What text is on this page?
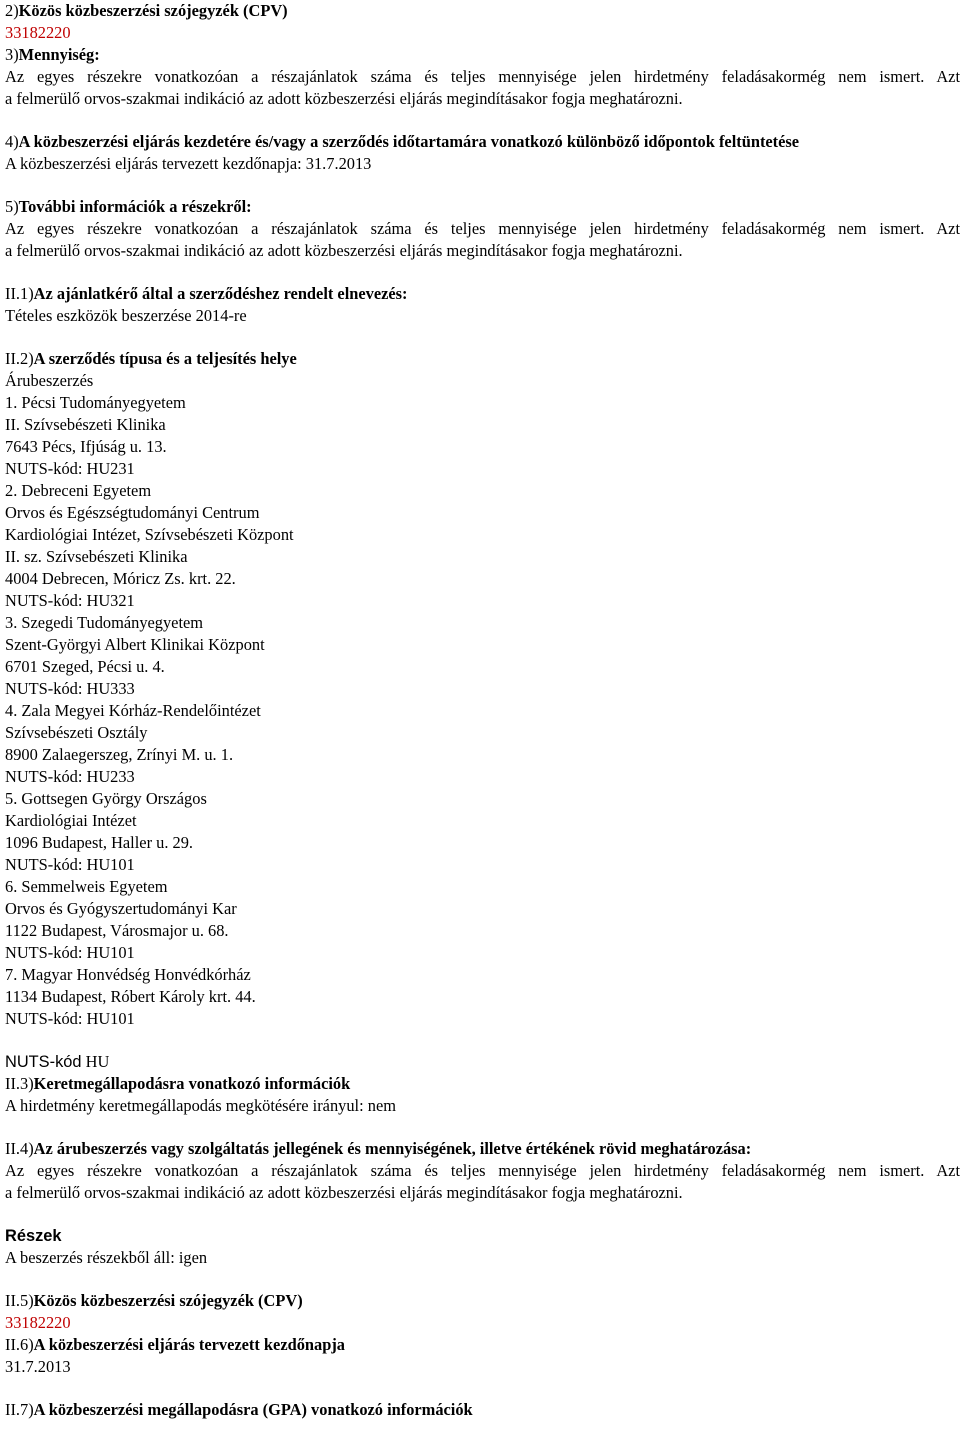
2)Közös közbeszerzési szójegyzék (CPV)
33182220
3)Mennyiség:
Az egyes részekre vonatkozóan a részajánlatok száma és teljes mennyisége jelen hirdetmény feladásakormég nem ismert. Azt
a felmerülő orvos-szakmai indikáció az adott közbeszerzési eljárás megindításakor fogja meghatározni.
4)A közbeszerzési eljárás kezdetére és/vagy a szerződés időtartamára vonatkozó különböző időpontok feltüntetése
A közbeszerzési eljárás tervezett kezdőnapja: 31.7.2013
5)További információk a részekről:
Az egyes részekre vonatkozóan a részajánlatok száma és teljes mennyisége jelen hirdetmény feladásakormég nem ismert. Azt
a felmerülő orvos-szakmai indikáció az adott közbeszerzési eljárás megindításakor fogja meghatározni.
II.1)Az ajánlatkérő által a szerződéshez rendelt elnevezés:
Tételes eszközök beszerzése 2014-re
II.2)A szerződés típusa és a teljesítés helye
Árubeszerzés
1. Pécsi Tudományegyetem
II. Szívsebészeti Klinika
7643 Pécs, Ifjúság u. 13.
NUTS-kód: HU231
2. Debreceni Egyetem
Orvos és Egészségtudományi Centrum
Kardiológiai Intézet, Szívsebészeti Központ
II. sz. Szívsebészeti Klinika
4004 Debrecen, Móricz Zs. krt. 22.
NUTS-kód: HU321
3. Szegedi Tudományegyetem
Szent-Györgyi Albert Klinikai Központ
6701 Szeged, Pécsi u. 4.
NUTS-kód: HU333
4. Zala Megyei Kórház-Rendelőintézet
Szívsebészeti Osztály
8900 Zalaegerszeg, Zrínyi M. u. 1.
NUTS-kód: HU233
5. Gottsegen György Országos
Kardiológiai Intézet
1096 Budapest, Haller u. 29.
NUTS-kód: HU101
6. Semmelweis Egyetem
Orvos és Gyógyszertudományi Kar
1122 Budapest, Városmajor u. 68.
NUTS-kód: HU101
7. Magyar Honvédség Honvédkórház
1134 Budapest, Róbert Károly krt. 44.
NUTS-kód: HU101
NUTS-kód HU
II.3)Keretmegállapodásra vonatkozó információk
A hirdetmény keretmegállapodás megkötésére irányul: nem
II.4)Az árubeszerzés vagy szolgáltatás jellegének és mennyiségének, illetve értékének rövid meghatározása:
Az egyes részekre vonatkozóan a részajánlatok száma és teljes mennyisége jelen hirdetmény feladásakormég nem ismert. Azt
a felmerülő orvos-szakmai indikáció az adott közbeszerzési eljárás megindításakor fogja meghatározni.
Részek
A beszerzés részekből áll: igen
II.5)Közös közbeszerzési szójegyzék (CPV)
33182220
II.6)A közbeszerzési eljárás tervezett kezdőnapja
31.7.2013
II.7)A közbeszerzési megállapodásra (GPA) vonatkozó információk
